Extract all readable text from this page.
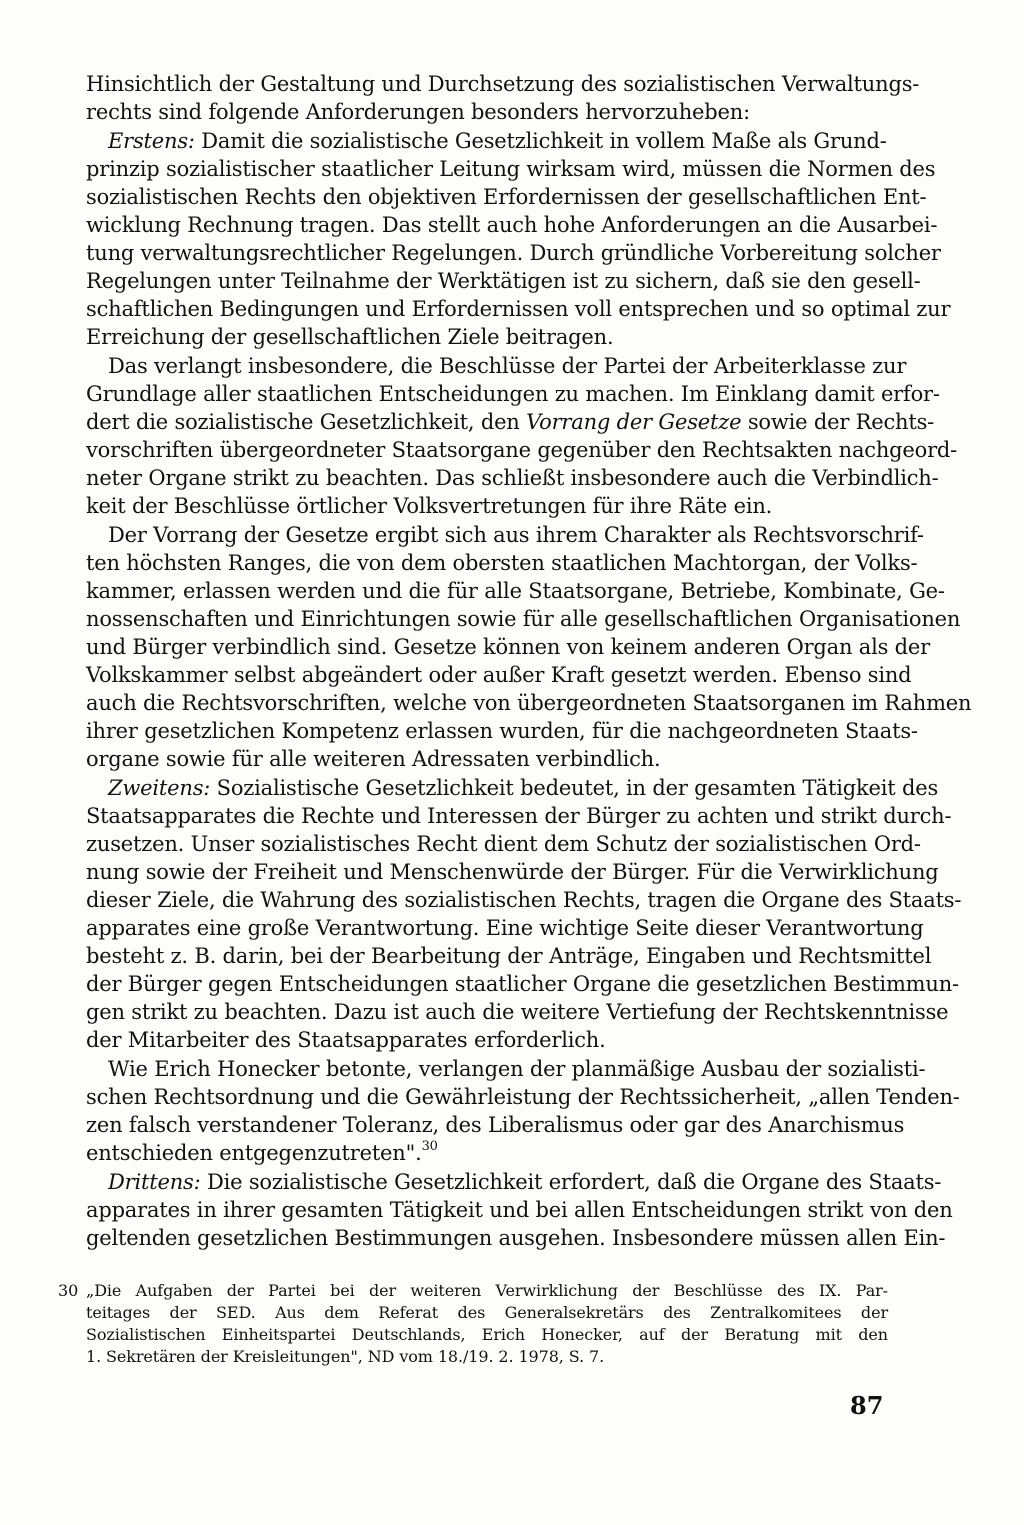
Hinsichtlich der Gestaltung und Durchsetzung des sozialistischen Verwaltungs-
rechts sind folgende Anforderungen besonders hervorzuheben:
Erstens: Damit die sozialistische Gesetzlichkeit in vollem Maße als Grund-
prinzip sozialistischer staatlicher Leitung wirksam wird, müssen die Normen des
sozialistischen Rechts den objektiven Erfordernissen der gesellschaftlichen Ent-
wicklung Rechnung tragen. Das stellt auch hohe Anforderungen an die Ausarbei-
tung verwaltungsrechtlicher Regelungen. Durch gründliche Vorbereitung solcher
Regelungen unter Teilnahme der Werktätigen ist zu sichern, daß sie den gesell-
schaftlichen Bedingungen und Erfordernissen voll entsprechen und so optimal zur
Erreichung der gesellschaftlichen Ziele beitragen.
Das verlangt insbesondere, die Beschlüsse der Partei der Arbeiterklasse zur
Grundlage aller staatlichen Entscheidungen zu machen. Im Einklang damit erfor-
dert die sozialistische Gesetzlichkeit, den Vorrang der Gesetze sowie der Rechts-
vorschriften übergeordneter Staatsorgane gegenüber den Rechtsakten nachgeord-
neter Organe strikt zu beachten. Das schließt insbesondere auch die Verbindlich-
keit der Beschlüsse örtlicher Volksvertretungen für ihre Räte ein.
Der Vorrang der Gesetze ergibt sich aus ihrem Charakter als Rechtsvorschrif-
ten höchsten Ranges, die von dem obersten staatlichen Machtorgan, der Volks-
kammer, erlassen werden und die für alle Staatsorgane, Betriebe, Kombinate, Ge-
nossenschaften und Einrichtungen sowie für alle gesellschaftlichen Organisationen
und Bürger verbindlich sind. Gesetze können von keinem anderen Organ als der
Volkskammer selbst abgeändert oder außer Kraft gesetzt werden. Ebenso sind
auch die Rechtsvorschriften, welche von übergeordneten Staatsorganen im Rahmen
ihrer gesetzlichen Kompetenz erlassen wurden, für die nachgeordneten Staats-
organe sowie für alle weiteren Adressaten verbindlich.
Zweitens: Sozialistische Gesetzlichkeit bedeutet, in der gesamten Tätigkeit des
Staatsapparates die Rechte und Interessen der Bürger zu achten und strikt durch-
zusetzen. Unser sozialistisches Recht dient dem Schutz der sozialistischen Ord-
nung sowie der Freiheit und Menschenwürde der Bürger. Für die Verwirklichung
dieser Ziele, die Wahrung des sozialistischen Rechts, tragen die Organe des Staats-
apparates eine große Verantwortung. Eine wichtige Seite dieser Verantwortung
besteht z. B. darin, bei der Bearbeitung der Anträge, Eingaben und Rechtsmittel
der Bürger gegen Entscheidungen staatlicher Organe die gesetzlichen Bestimmun-
gen strikt zu beachten. Dazu ist auch die weitere Vertiefung der Rechtskenntnisse
der Mitarbeiter des Staatsapparates erforderlich.
Wie Erich Honecker betonte, verlangen der planmäßige Ausbau der sozialisti-
schen Rechtsordnung und die Gewährleistung der Rechtssicherheit, „allen Tenden-
zen falsch verstandener Toleranz, des Liberalismus oder gar des Anarchismus
entschieden entgegenzutreten".$^{30}$
Drittens: Die sozialistische Gesetzlichkeit erfordert, daß die Organe des Staats-
apparates in ihrer gesamten Tätigkeit und bei allen Entscheidungen strikt von den
geltenden gesetzlichen Bestimmungen ausgehen. Insbesondere müssen allen Ein-
30 „Die Aufgaben der Partei bei der weiteren Verwirklichung der Beschlüsse des IX. Par-
teitages der SED. Aus dem Referat des Generalsekretärs des Zentralkomitees der
Sozialistischen Einheitspartei Deutschlands, Erich Honecker, auf der Beratung mit den
1. Sekretären der Kreisleitungen", ND vom 18./19. 2. 1978, S. 7.
87
